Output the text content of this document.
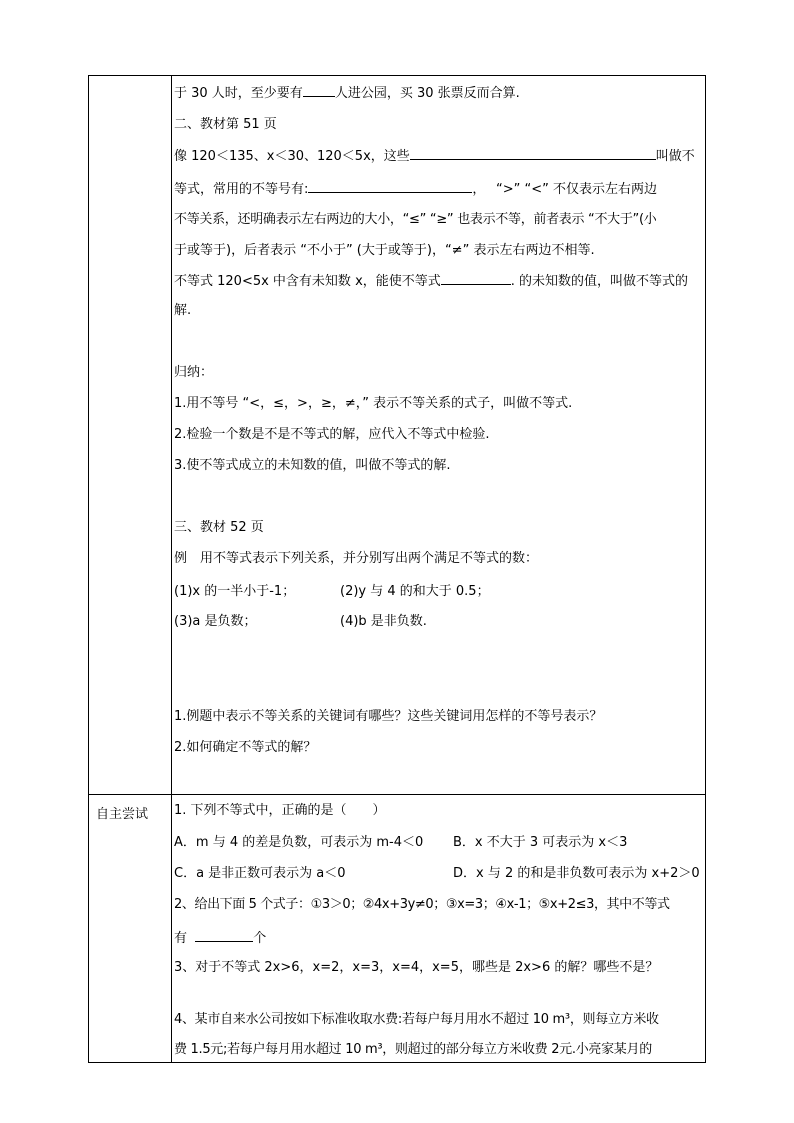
自主尝试
于 30 人时，至少要有 人进公园，买 30 张票反而合算.
二、教材第 51 页
像 120＜135、x＜30、120＜5x，这些	叫做不
等式，常用的不等号有:	，　 “>” “<” 不仅表示左右两边
不等关系，还明确表示左右两边的大小，“≤” “≥” 也表示不等，前者表示 “不大于”(小
于或等于)，后者表示 “不小于” (大于或等于)，“≠” 表示左右两边不相等.
不等式 120<5x 中含有未知数 x，能使不等式	. 的未知数的值，叫做不等式的
解.
归纳：
1.用不等号 “<，≤，>，≥，≠，” 表示不等关系的式子，叫做不等式.
2.检验一个数是不是不等式的解，应代入不等式中检验.
3.使不等式成立的未知数的值，叫做不等式的解.
三、教材 52 页
例　用不等式表示下列关系，并分别写出两个满足不等式的数：
(1)x 的一半小于-1；	(2)y 与 4 的和大于 0.5；
(3)a 是负数；	(4)b 是非负数.
1.例题中表示不等关系的关键词有哪些？这些关键词用怎样的不等号表示？
2.如何确定不等式的解？
1. 下列不等式中，正确的是（　　）
A．m 与 4 的差是负数，可表示为 m-4＜0 B．x 不大于 3 可表示为 x＜3
C．a 是非正数可表示为 a＜0	D．x 与 2 的和是非负数可表示为 x+2＞0
2、给出下面 5 个式子：①3＞0；②4x+3y≠0；③x=3；④x-1；⑤x+2≤3，其中不等式
有	个
3、对于不等式 2x>6，x=2，x=3，x=4，x=5，哪些是 2x>6 的解？哪些不是？
4、某市自来水公司按如下标准收取水费:若每户每月用水不超过 10 m³，则每立方米收
费 1.5元;若每户每月用水超过 10 m³，则超过的部分每立方米收费 2元.小亮家某月的
